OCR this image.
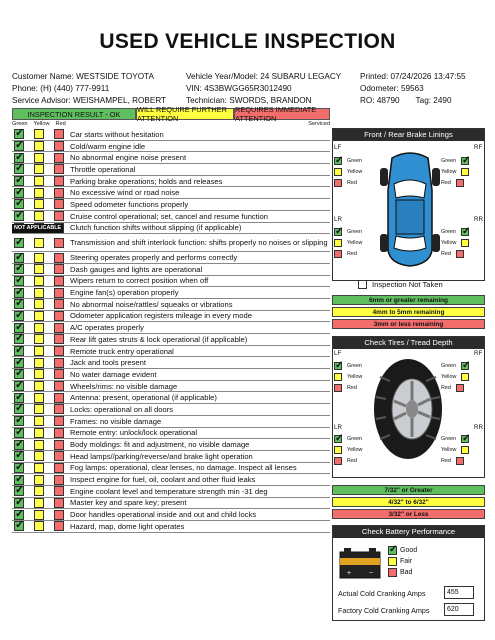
USED VEHICLE INSPECTION
Customer Name: WESTSIDE TOYOTA
Phone: (H) (440) 777-9911
Service Advisor: WEISHAMPEL, ROBERT
Vehicle Year/Model: 24 SUBARU LEGACY
VIN: 4S3BWGG65R3012490
Technician: SWORDS, BRANDON
Printed: 07/24/2026 13:47:55
Odometer: 59563
RO: 48790 Tag: 2490
INSPECTION RESULT - OK	WILL REQUIRE FURTHER ATTENTION
REQUIRES IMMEDIATE ATTENTION
Green Yellow Red	Serviced
✓	Car starts without hesitation
✓	Cold/warm engine idle
✓	No abnormal engine noise present
✓	Throttle operational
✓	Parking brake operations; holds and releases
✓	No excessive wind or road noise
✓	Speed odometer functions properly
✓	Cruise control operational; set, cancel and resume function
Clutch function shifts without slipping (if applicable)
NOT APPLICABLE
✓	Transmission and shift interlock function: shifts properly no noises or slipping
✓	Steering operates properly and performs correctly
✓	Dash gauges and lights are operational
✓	Wipers return to correct position when off
✓	Engine fan(s) operation properly
✓	No abnormal noise/rattles/ squeaks or vibrations
✓	Odometer application registers mileage in every mode
✓	A/C operates properly
✓	Rear lift gates struts & lock operational (if applicable)
✓	Remote truck entry operational
✓	Jack and tools present
✓	No water damage evident
✓	Wheels/rims: no visible damage
✓	Antenna: present, operational (if applicable)
✓	Locks: operational on all doors
✓	Frames: no visible damage
✓	Remote entry: unlock/lock operational
✓	Body moldings: fit and adjustment, no visible damage
✓	Head lamps//parking/reverse/and brake light operation
✓	Fog lamps: operational, clear lenses, no damage. Inspect all lenses
✓	Inspect engine for fuel, oil, coolant and other fluid leaks
✓	Engine coolant level and temperature strength min -31 deg
✓	Master key and spare key; present
✓	Door handles operational inside and out and child locks
✓	Hazard, map, dome light operates
Front / Rear Brake Linings
LF	RF
LR	RR
✓ Green
Yellow
Red
Green ✓
Yellow
Red
✓ Green
Yellow
Red
Green ✓
Yellow
Red
Inspection Not Taken
6mm or greater remaining
4mm to 5mm remaining
3mm or less remaining
Check Tires / Tread Depth
LF	RF
LR	RR
✓ Green
Yellow
Red
Green ✓
Yellow
Red
✓ Green
Yellow
Red
Green ✓
Yellow
Red
7/32" or Greater
4/32" to 6/32"
3/32" or Less
Check Battery Performance
+	−
✓ Good
Fair
Bad
Actual Cold Cranking Amps	455
Factory Cold Cranking Amps	620
